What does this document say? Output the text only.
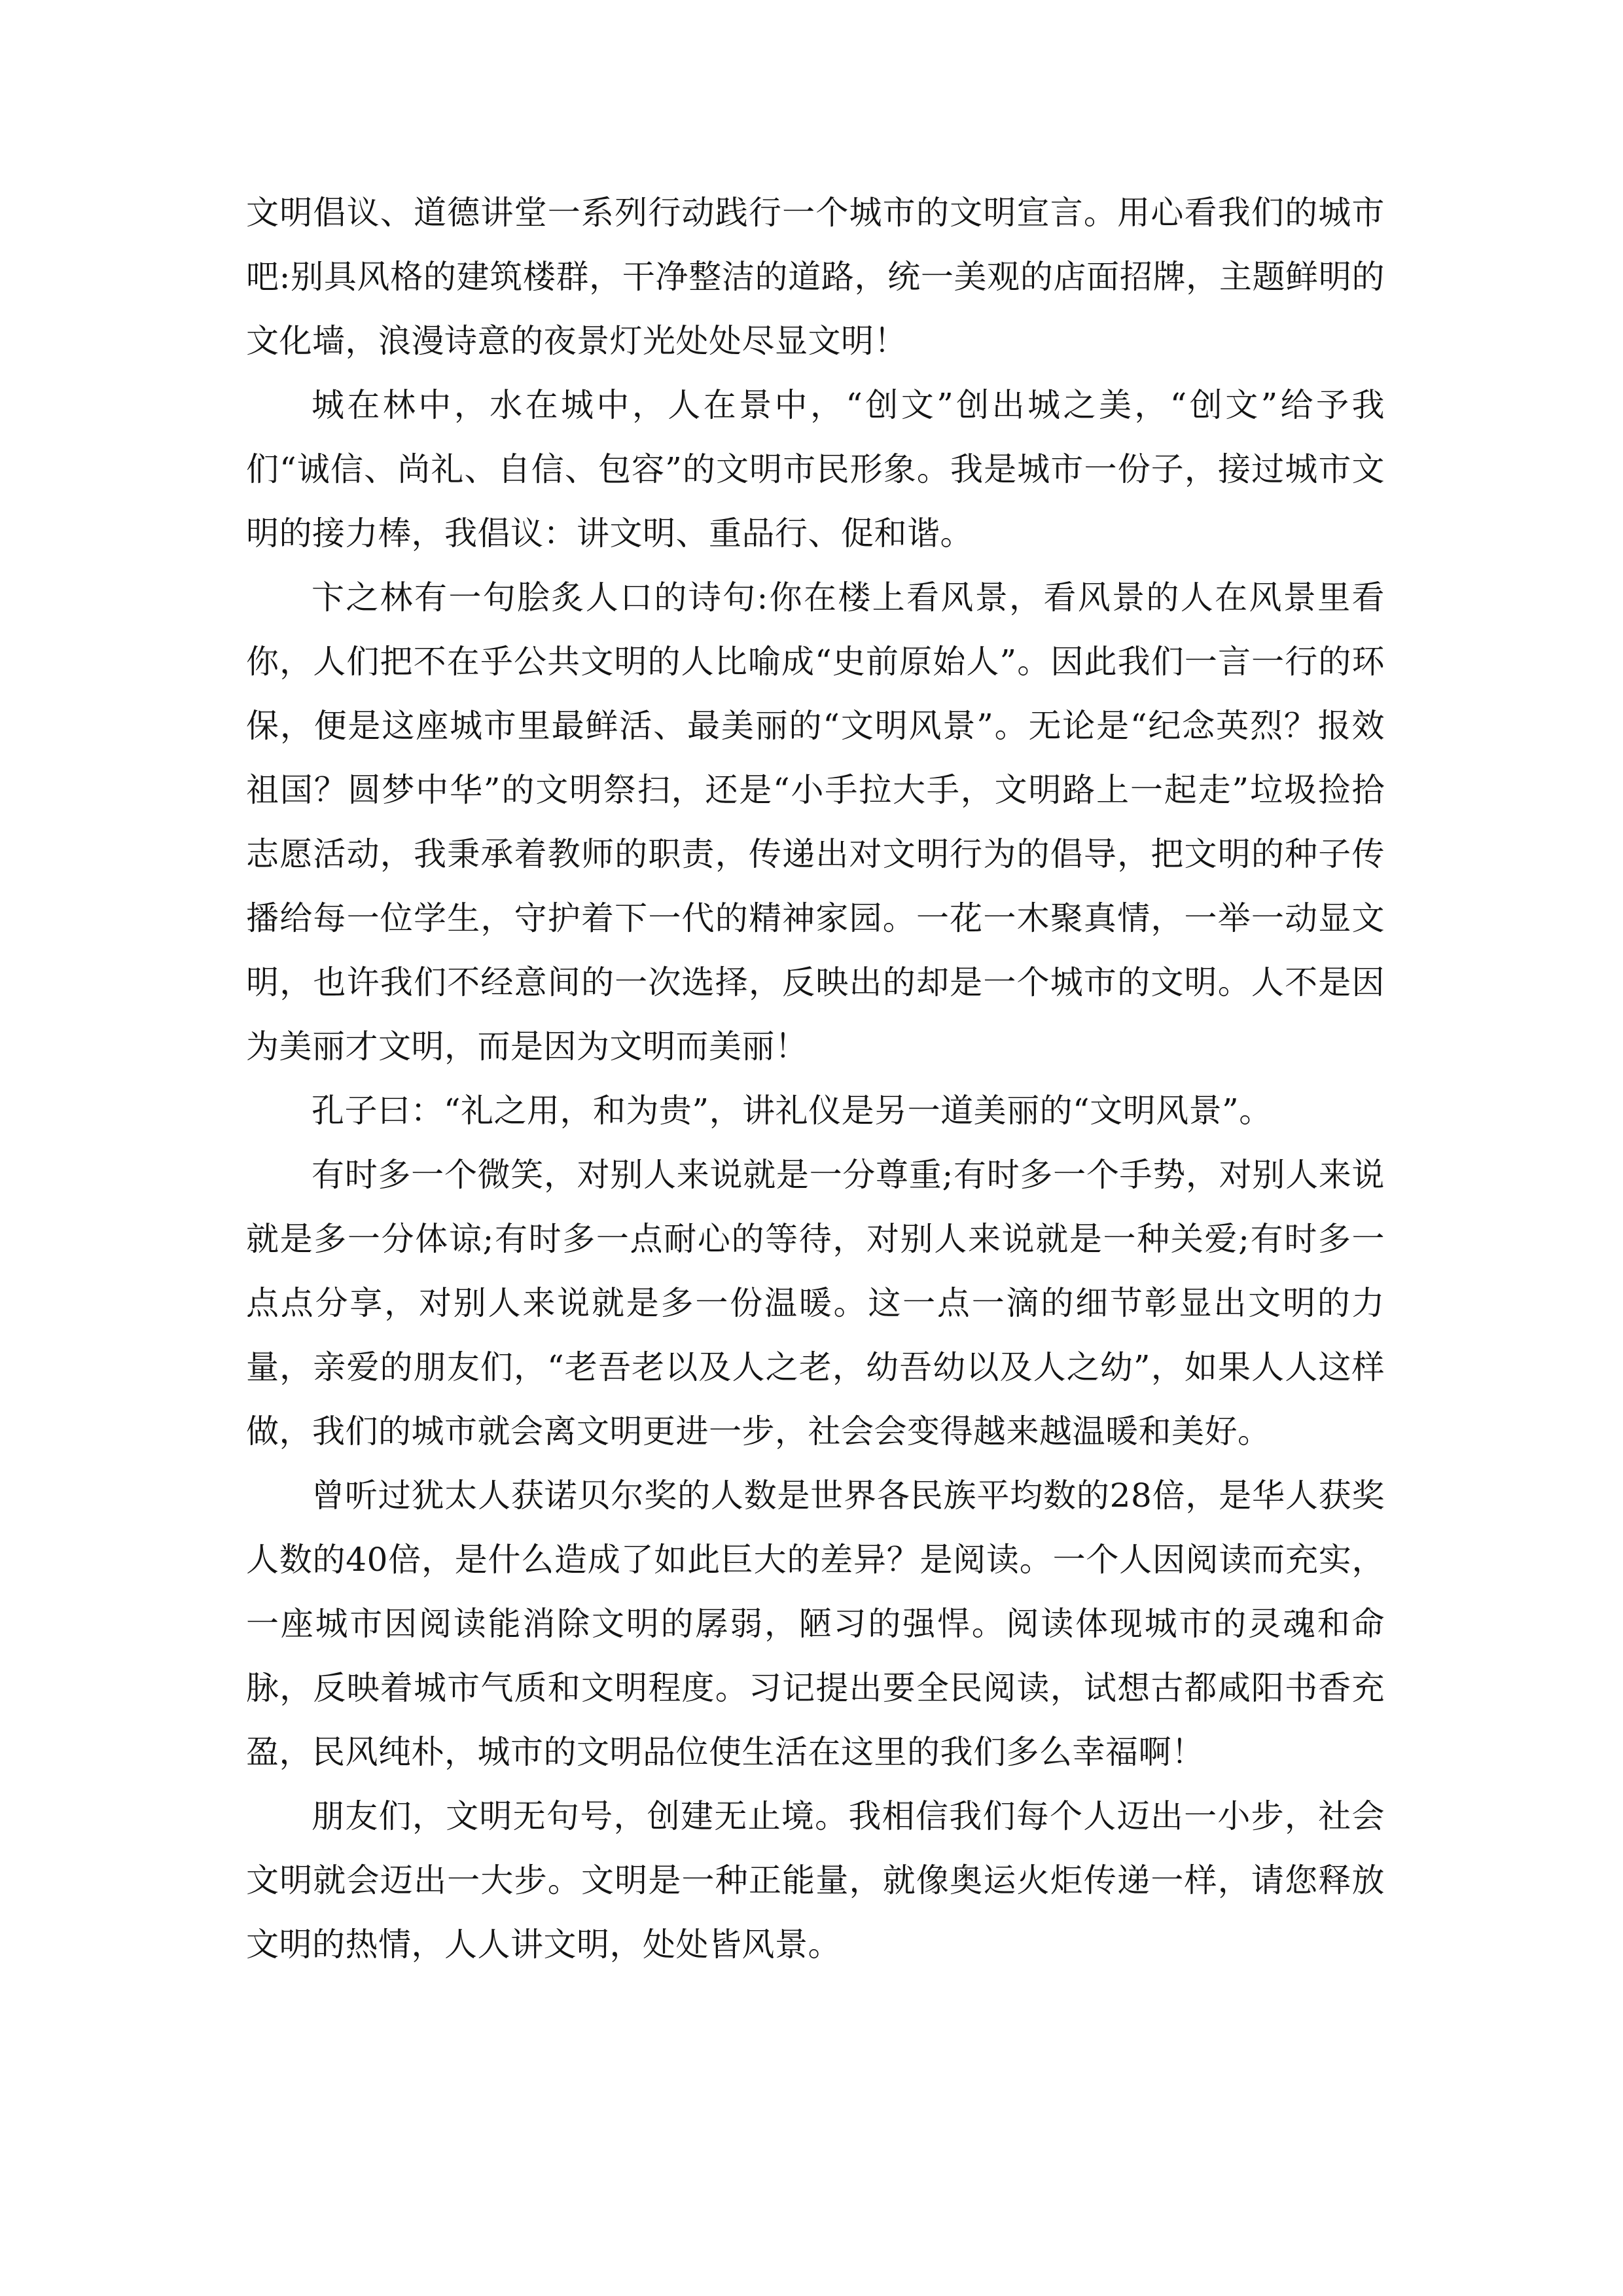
文明倡议、道德讲堂一系列行动践行一个城市的文明宣言。用心看我们的城市吧:别具风格的建筑楼群，干净整洁的道路，统一美观的店面招牌，主题鲜明的文化墙，浪漫诗意的夜景灯光处处尽显文明！

城在林中，水在城中，人在景中，“创文”创出城之美，“创文”给予我们“诚信、尚礼、自信、包容”的文明市民形象。我是城市一份子，接过城市文明的接力棒，我倡议：讲文明、重品行、促和谐。

卞之林有一句脍炙人口的诗句:你在楼上看风景，看风景的人在风景里看你，人们把不在乎公共文明的人比喻成“史前原始人”。因此我们一言一行的环保，便是这座城市里最鲜活、最美丽的“文明风景”。无论是“纪念英烈？报效祖国？圆梦中华”的文明祭扫，还是“小手拉大手，文明路上一起走”垃圾捡拾志愿活动，我秉承着教师的职责，传递出对文明行为的倡导，把文明的种子传播给每一位学生，守护着下一代的精神家园。一花一木聚真情，一举一动显文明，也许我们不经意间的一次选择，反映出的却是一个城市的文明。人不是因为美丽才文明，而是因为文明而美丽！

孔子曰：“礼之用，和为贵”，讲礼仪是另一道美丽的“文明风景”。

有时多一个微笑，对别人来说就是一分尊重;有时多一个手势，对别人来说就是多一分体谅;有时多一点耐心的等待，对别人来说就是一种关爱;有时多一点点分享，对别人来说就是多一份温暖。这一点一滴的细节彰显出文明的力量，亲爱的朋友们，“老吾老以及人之老，幼吾幼以及人之幼”，如果人人这样做，我们的城市就会离文明更进一步，社会会变得越来越温暖和美好。

曾听过犹太人获诺贝尔奖的人数是世界各民族平均数的28倍，是华人获奖人数的40倍，是什么造成了如此巨大的差异？是阅读。一个人因阅读而充实，一座城市因阅读能消除文明的孱弱，陋习的强悍。阅读体现城市的灵魂和命脉，反映着城市气质和文明程度。习记提出要全民阅读，试想古都咸阳书香充盈，民风纯朴，城市的文明品位使生活在这里的我们多么幸福啊！

朋友们，文明无句号，创建无止境。我相信我们每个人迈出一小步，社会文明就会迈出一大步。文明是一种正能量，就像奥运火炬传递一样，请您释放文明的热情，人人讲文明，处处皆风景。
